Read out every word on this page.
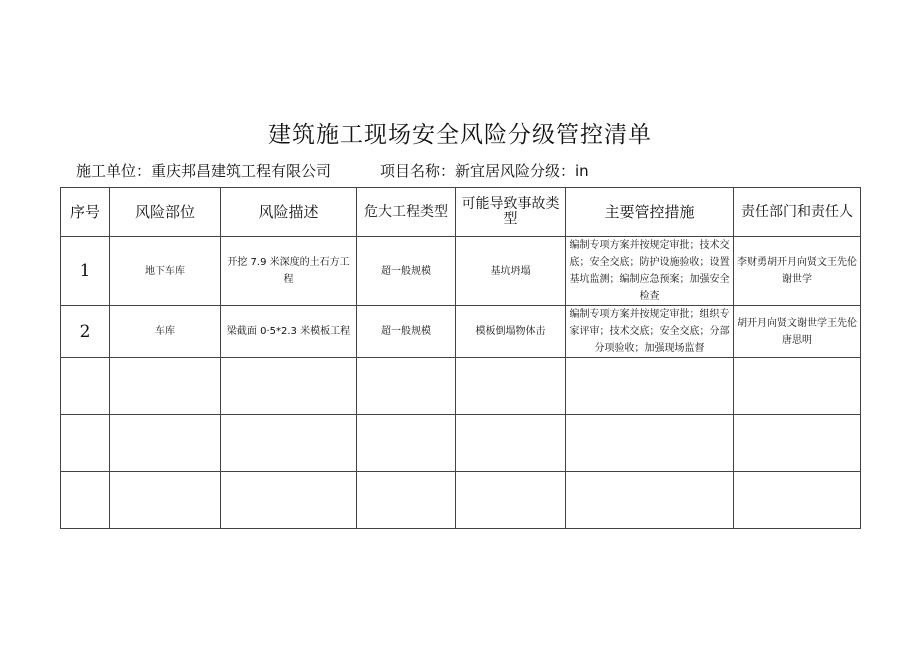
建筑施工现场安全风险分级管控清单
施工单位：重庆邦昌建筑工程有限公司	项目名称：新宜居风险分级：in
序号	风险部位	风险描述	危大工程类型	可能导致事故类型	主要管控措施	责任部门和责任人
1	地下车库	开挖 7.9 米深度的土石方工程	超一般规模	基坑坍塌	编制专项方案并按规定审批；技术交底；安全交底；防护设施验收；设置基坑监测；编制应急预案；加强安全检查	李财勇胡开月向贤文王先伦谢世学
2	车库	梁截面 0·5*2.3 米模板工程	超一般规模	模板倒塌物体击	编制专项方案并按规定审批；组织专家评审；技术交底；安全交底；分部分项验收；加强现场监督	胡开月向贤文谢世学王先伦唐思明
